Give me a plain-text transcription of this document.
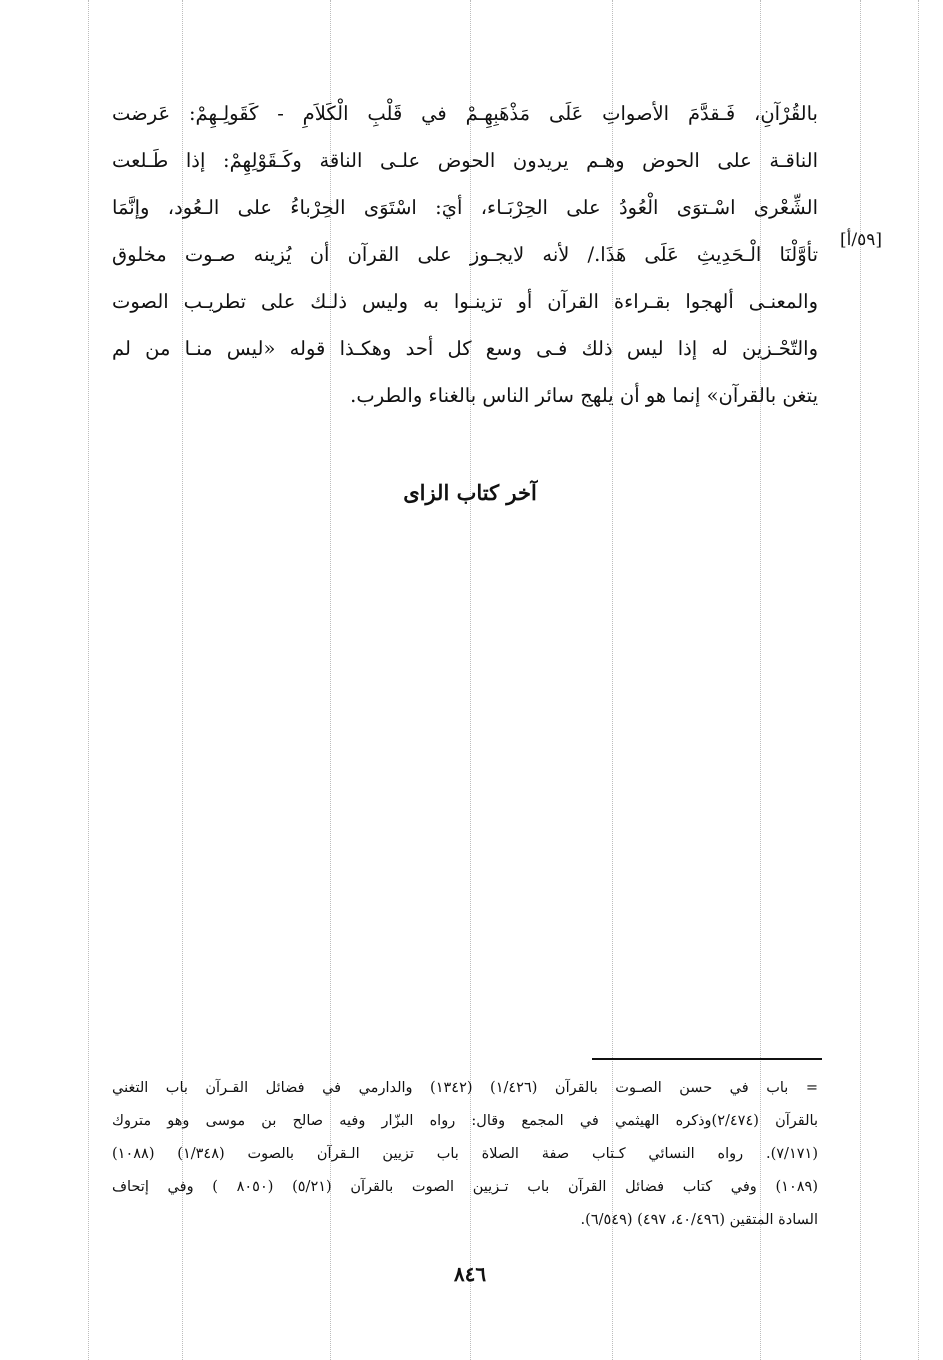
بالقُرْآنِ، فَـقدَّمَ الأصواتِ عَلَى مَذْهَبِهِـمْ في قَلْبِ الْكَلاَمِ - كَقَولِـهِمْ: عَرضت
الناقـة على الحوض وهـم يريدون الحوض علـى الناقة وكَـقَوْلِهِمْ: إذا طَـلعت
الشِّعْرى اسْـتوَى الْعُودُ على الحِرْبَـاء، أيَ: اسْتَوَى الحِرْباءُ على الـعُود، وإنَّمَا
تأوَّلْنَا الْـحَدِيثِ عَلَى هَذَا./ لأنه لايجـوز على القرآن أن يُزينه صـوت مخلوق
والمعنـى ألهجوا بقـراءة القرآن أو تزينـوا به وليس ذلـك على تطريـب الصوت
والتّحْـزين له إذا ليس ذلك فـى وسع كل أحد وهكـذا قوله «ليس منـا من لم
يتغن بالقرآن» إنما هو أن يلهج سائر الناس بالغناء والطرب.
[٥٩/أ]
آخر كتاب الزاى
= باب في حسن الصـوت بالقرآن (١/٤٢٦) (١٣٤٢) والدارمي في فضائل القـرآن باب التغني
بالقرآن (٢/٤٧٤)وذكره الهيثمي في المجمع وقال: رواه البزّار وفيه صالح بن موسى وهو متروك
(٧/١٧١). رواه النسائي كـتاب صفة الصلاة باب تزيين الـقرآن بالصوت (١/٣٤٨) (١٠٨٨)
(١٠٨٩) وفي كتاب فضائل القرآن باب تـزيين الصوت بالقرآن (٥/٢١) (٨٠٥٠ ) وفي إتحاف
السادة المتقين (٤٠/٤٩٦، ٤٩٧) (٦/٥٤٩).
٨٤٦
